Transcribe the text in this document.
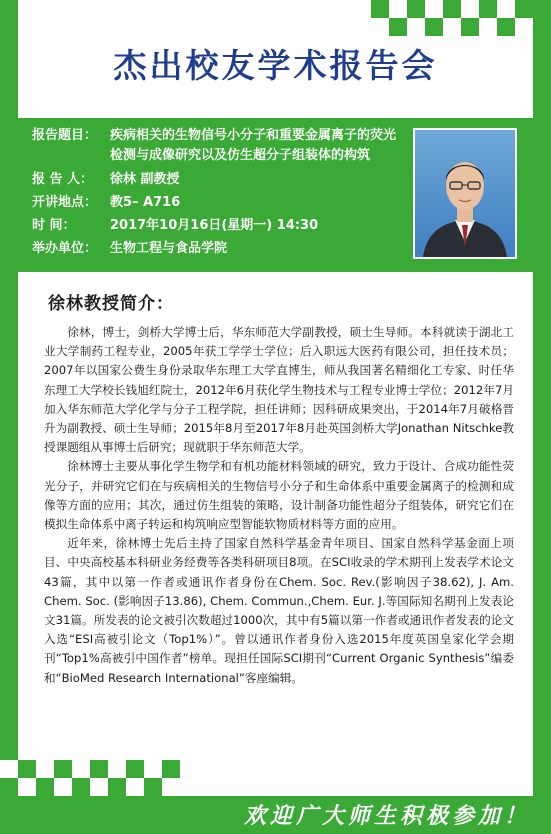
杰出校友学术报告会
报告题目： 疾病相关的生物信号小分子和重要金属离子的荧光
检测与成像研究以及仿生超分子组装体的构筑
报 告 人： 徐林 副教授
开讲地点： 教5– A716
时 间：	2017年10月16日(星期一) 14:30
举办单位： 生物工程与食品学院
徐林教授简介：

徐林，博士，剑桥大学博士后，华东师范大学副教授，硕士生导师。本科就读于湖北工业大学制药工程专业，2005年获工学学士学位；后入职远大医药有限公司，担任技术员；2007年以国家公费生身份录取华东理工大学直博生，师从我国著名精细化工专家、时任华东理工大学校长钱旭红院士，2012年6月获化学生物技术与工程专业博士学位；2012年7月加入华东师范大学化学与分子工程学院，担任讲师；因科研成果突出，于2014年7月破格晋升为副教授、硕士生导师；2015年8月至2017年8月赴英国剑桥大学Jonathan Nitschke教授课题组从事博士后研究；现就职于华东师范大学。

徐林博士主要从事化学生物学和有机功能材料领域的研究，致力于设计、合成功能性荧光分子，并研究它们在与疾病相关的生物信号小分子和生命体系中重要金属离子的检测和成像等方面的应用；其次，通过仿生组装的策略，设计制备功能性超分子组装体，研究它们在模拟生命体系中离子转运和构筑响应型智能软物质材料等方面的应用。

近年来，徐林博士先后主持了国家自然科学基金青年项目、国家自然科学基金面上项目、中央高校基本科研业务经费等各类科研项目8项。在SCI收录的学术期刊上发表学术论文43篇，其中以第一作者或通讯作者身份在Chem. Soc. Rev.(影响因子38.62), J. Am. Chem. Soc. (影响因子13.86), Chem. Commun.,Chem. Eur. J.等国际知名期刊上发表论文31篇。所发表的论文被引次数超过1000次，其中有5篇以第一作者或通讯作者发表的论文入选“ESI高被引论文（Top1%）”。曾以通讯作者身份入选2015年度英国皇家化学会期刊“Top1%高被引中国作者”榜单。现担任国际SCI期刊“Current Organic Synthesis”编委和“BioMed Research International”客座编辑。

欢迎广大师生积极参加！
